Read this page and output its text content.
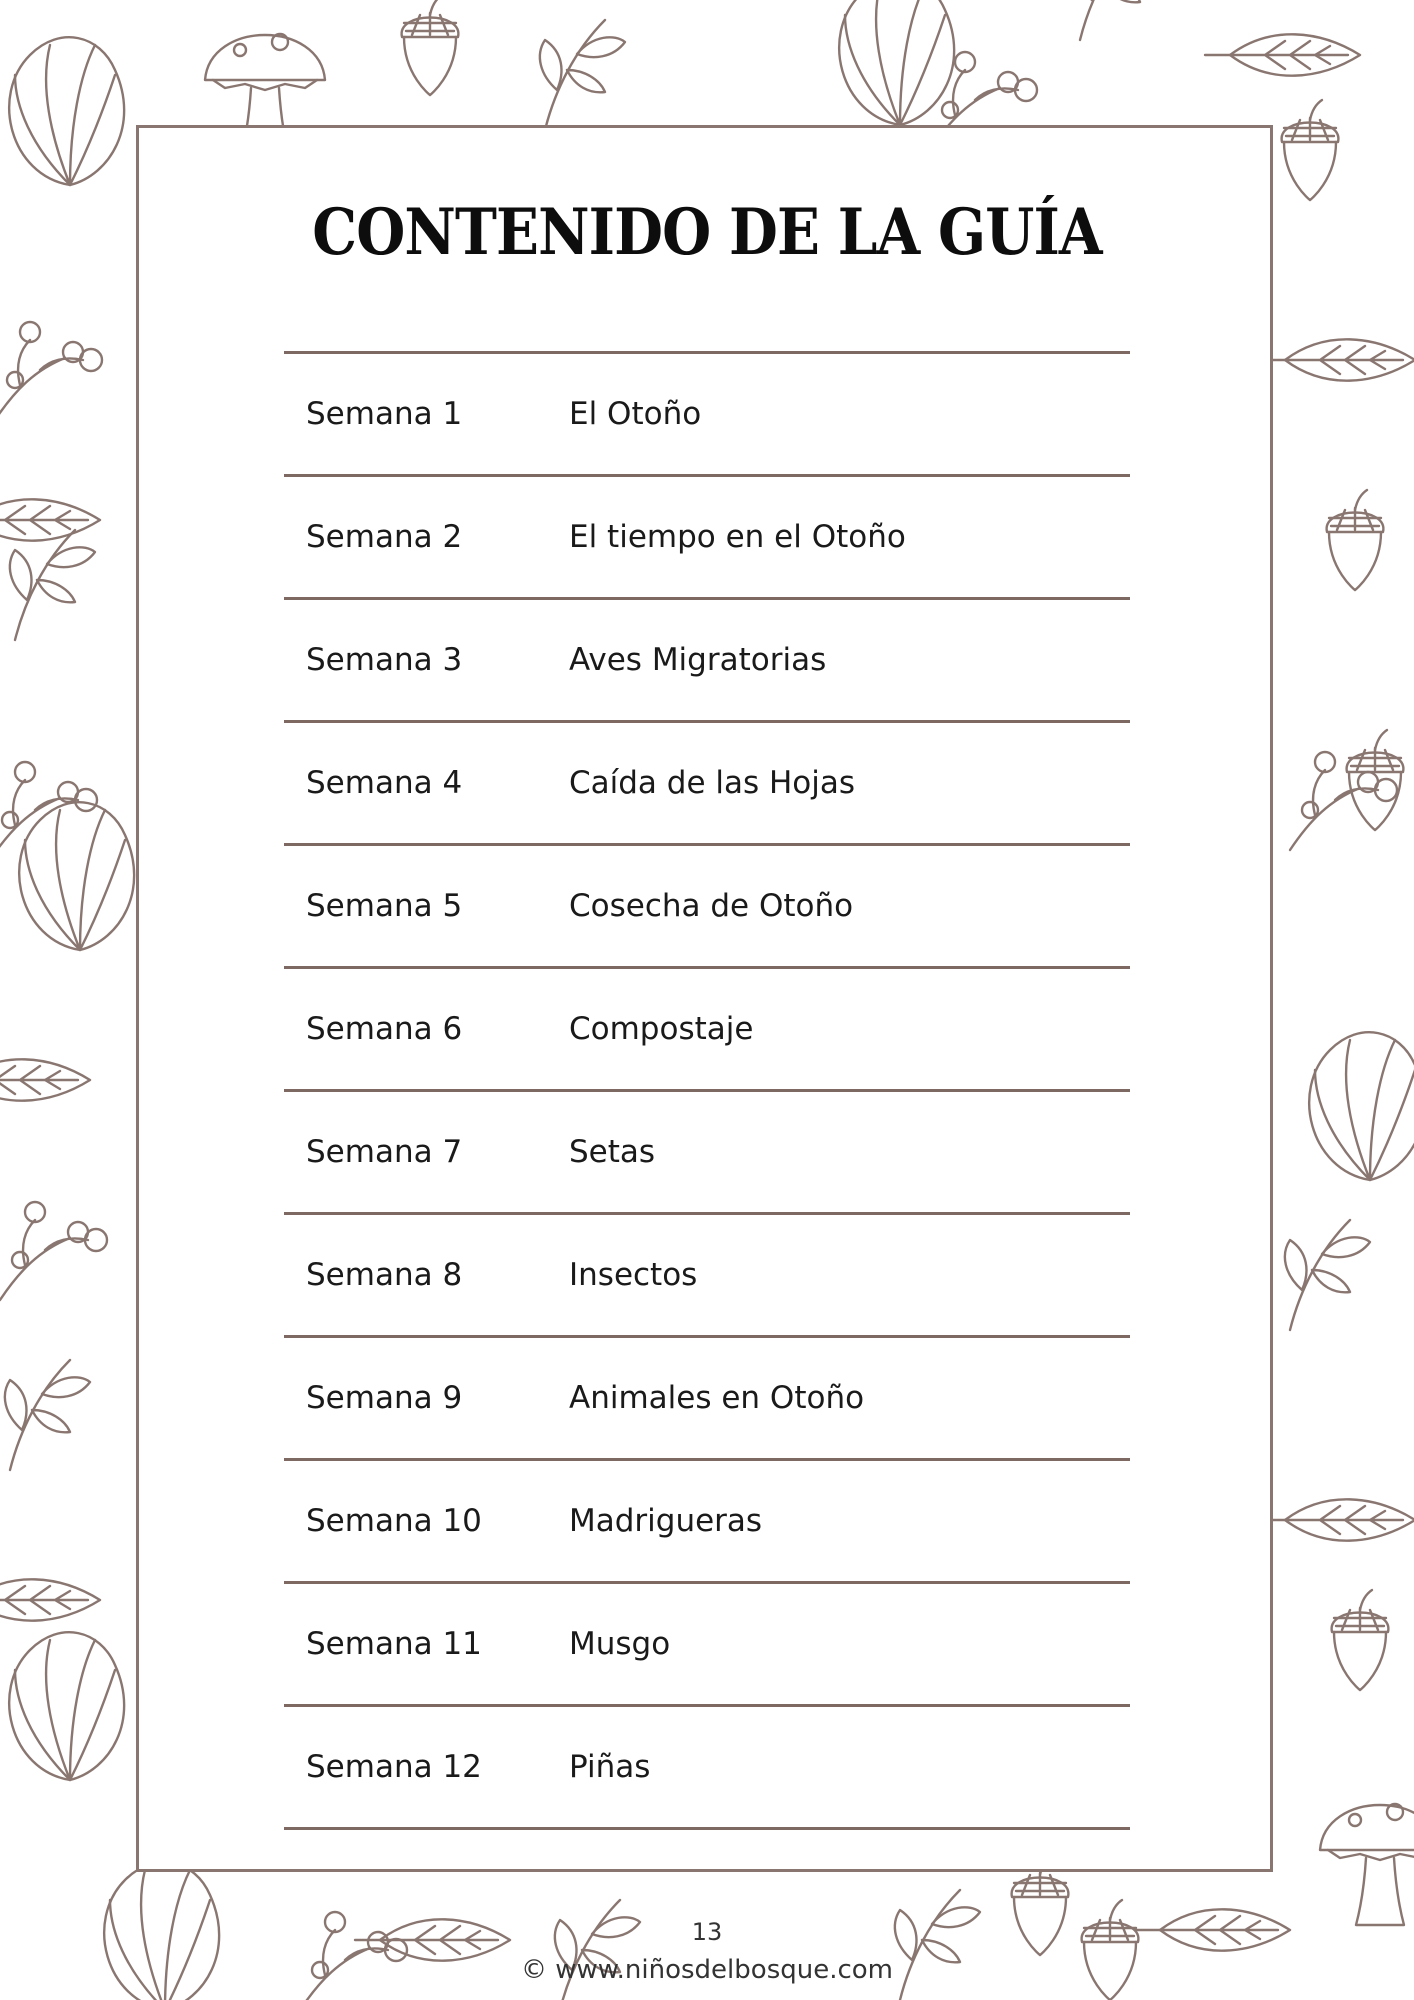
CONTENIDO DE LA GUÍA
Semana 1	El Otoño
Semana 2	El tiempo en el Otoño
Semana 3	Aves Migratorias
Semana 4	Caída de las Hojas
Semana 5	Cosecha de Otoño
Semana 6	Compostaje
Semana 7	Setas
Semana 8	Insectos
Semana 9	Animales en Otoño
Semana 10	Madrigueras
Semana 11	Musgo
Semana 12	Piñas
13
© www.niñosdelbosque.com
